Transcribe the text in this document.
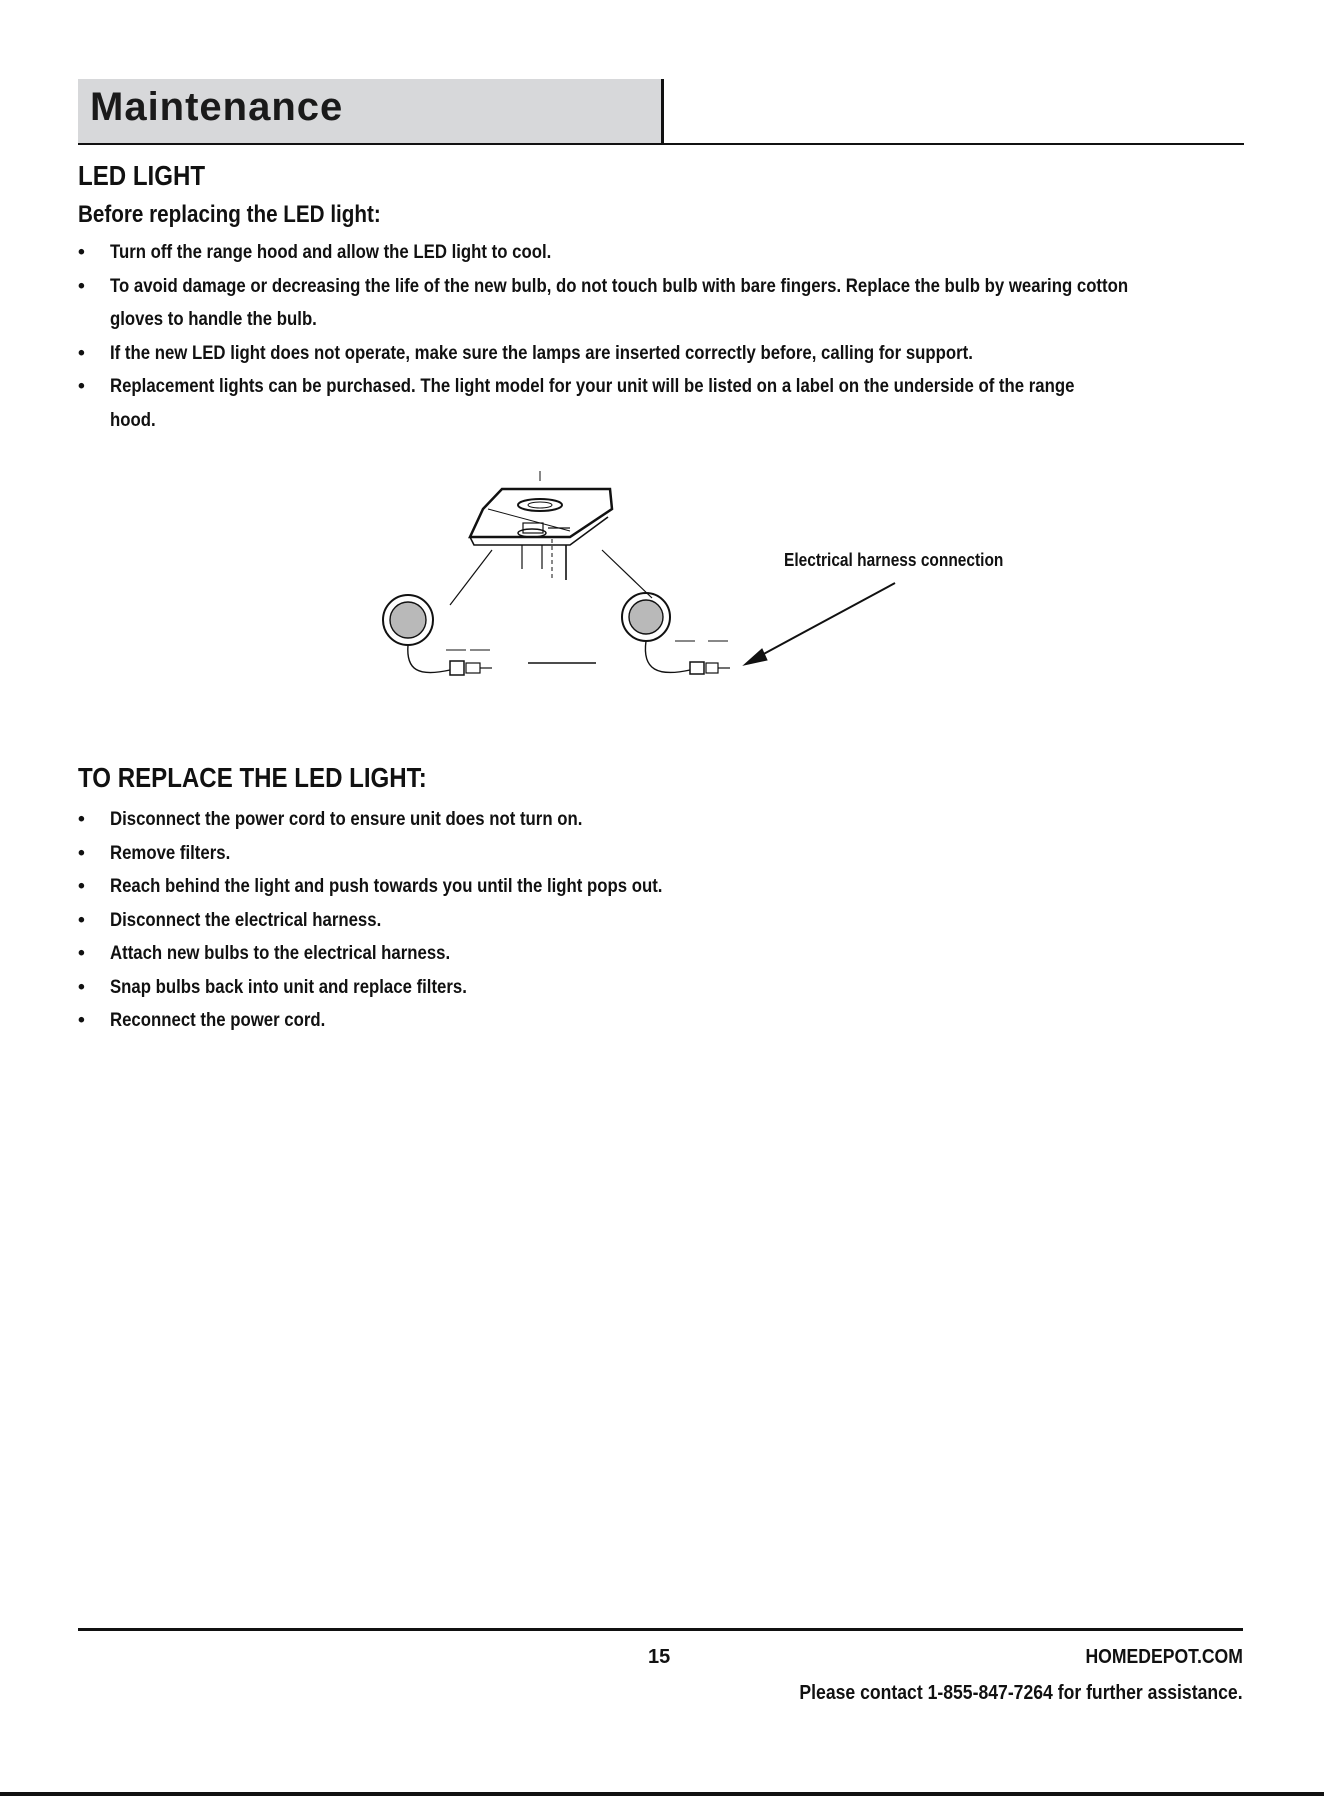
Maintenance
LED LIGHT
Before replacing the LED light:
• Turn off the range hood and allow the LED light to cool.
• To avoid damage or decreasing the life of the new bulb, do not touch bulb with bare fingers. Replace the bulb by wearing cotton
gloves to handle the bulb.
• If the new LED light does not operate, make sure the lamps are inserted correctly before, calling for support.
• Replacement lights can be purchased. The light model for your unit will be listed on a label on the underside of the range
hood.
Electrical harness connection
TO REPLACE THE LED LIGHT:
• Disconnect the power cord to ensure unit does not turn on.
• Remove filters.
• Reach behind the light and push towards you until the light pops out.
• Disconnect the electrical harness.
• Attach new bulbs to the electrical harness.
• Snap bulbs back into unit and replace filters.
• Reconnect the power cord.
15	HOMEDEPOT.COM
Please contact 1-855-847-7264 for further assistance.
